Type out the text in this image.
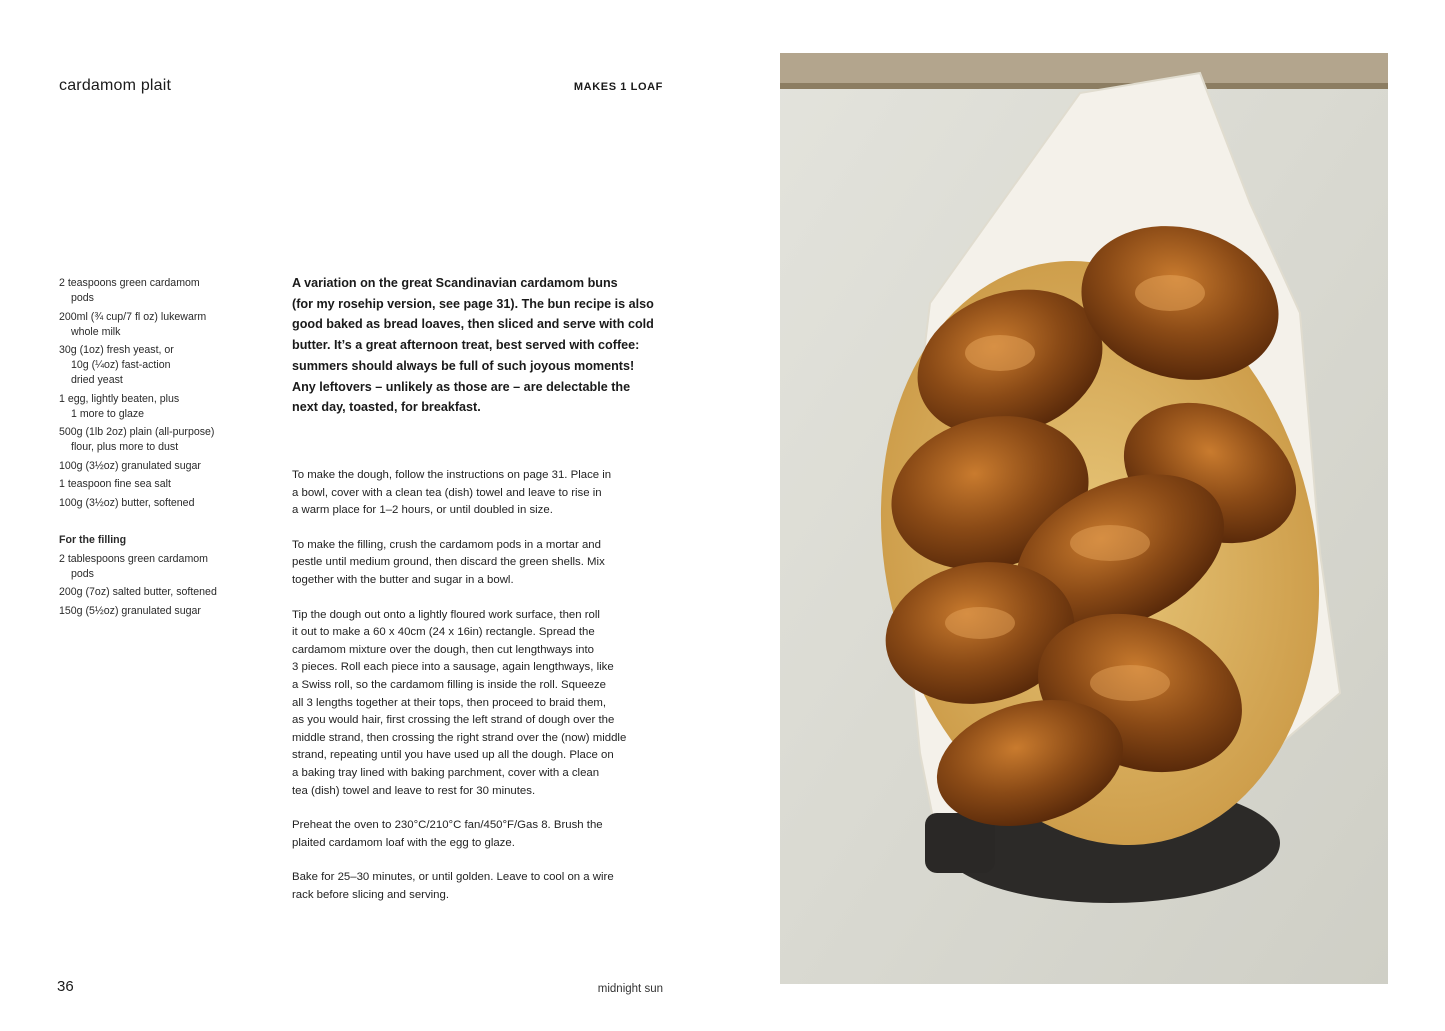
cardamom plait	MAKES 1 LOAF
2 teaspoons green cardamom
pods
200ml (¾ cup/7 fl oz) lukewarm
whole milk
30g (1oz) fresh yeast, or
10g (¼oz) fast-action
dried yeast
1 egg, lightly beaten, plus
1 more to glaze
500g (1lb 2oz) plain (all-purpose)
flour, plus more to dust
100g (3½oz) granulated sugar
1 teaspoon fine sea salt
100g (3½oz) butter, softened
For the filling
2 tablespoons green cardamom
pods
200g (7oz) salted butter, softened
150g (5½oz) granulated sugar
A variation on the great Scandinavian cardamom buns
(for my rosehip version, see page 31). The bun recipe is also
good baked as bread loaves, then sliced and serve with cold
butter. It’s a great afternoon treat, best served with coffee:
summers should always be full of such joyous moments!
Any leftovers – unlikely as those are – are delectable the
next day, toasted, for breakfast.

To make the dough, follow the instructions on page 31. Place in
a bowl, cover with a clean tea (dish) towel and leave to rise in
a warm place for 1–2 hours, or until doubled in size.

To make the filling, crush the cardamom pods in a mortar and
pestle until medium ground, then discard the green shells. Mix
together with the butter and sugar in a bowl.

Tip the dough out onto a lightly floured work surface, then roll
it out to make a 60 x 40cm (24 x 16in) rectangle. Spread the
cardamom mixture over the dough, then cut lengthways into
3 pieces. Roll each piece into a sausage, again lengthways, like
a Swiss roll, so the cardamom filling is inside the roll. Squeeze
all 3 lengths together at their tops, then proceed to braid them,
as you would hair, first crossing the left strand of dough over the
middle strand, then crossing the right strand over the (now) middle
strand, repeating until you have used up all the dough. Place on
a baking tray lined with baking parchment, cover with a clean
tea (dish) towel and leave to rest for 30 minutes.

Preheat the oven to 230°C/210°C fan/450°F/Gas 8. Brush the
plaited cardamom loaf with the egg to glaze.

Bake for 25–30 minutes, or until golden. Leave to cool on a wire
rack before slicing and serving.

36	midnight sun
